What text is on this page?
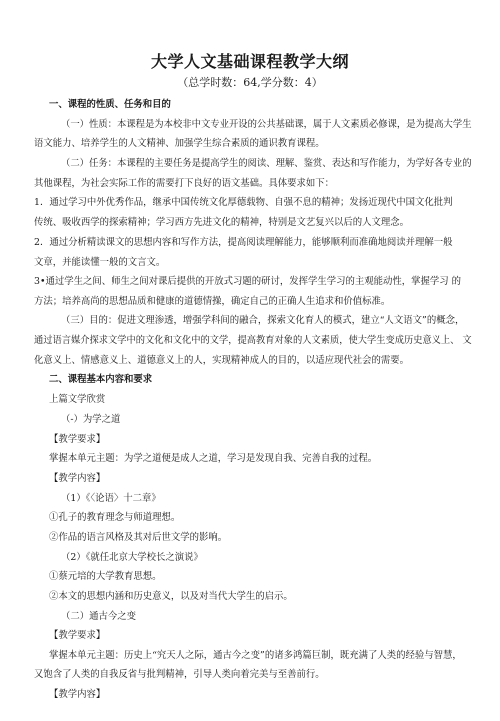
大学人文基础课程教学大纲
（总学时数：64,学分数：4）
一、课程的性质、任务和目的
（一）性质：本课程是为本校非中文专业开设的公共基础课，属于人文素质必修课，是为提高大学生
语文能力、培养学生的人文精神、加强学生综合素质的通识教育课程。
（二）任务：本课程的主要任务是提高学生的阅读、理解、鉴赏、表达和写作能力，为学好各专业的
其他课程，为社会实际工作的需要打下良好的语文基础。具体要求如下：
1．通过学习中外优秀作品，继承中国传统文化厚德载物、自强不息的精神；发扬近现代中国文化批判
传统、吸收西学的探索精神；学习西方先进文化的精神，特别是文艺复兴以后的人文理念。
2．通过分析精读课文的思想内容和写作方法，提高阅读理解能力，能够顺利而准确地阅读并理解一般
文章，并能读懂一般的文言文。
3•通过学生之间、师生之间对课后提供的开放式习题的研讨，发挥学生学习的主观能动性，掌握学习 的
方法；培养高尚的思想品质和健康的道德情操，确定自己的正确人生追求和价值标准。
（三）目的：促进文理渗透，增强学科间的融合，探索文化育人的模式，建立“人文语文”的概念，
通过语言媒介探求文学中的文化和文化中的文学，提高教育对象的人文素质，使大学生变成历史意义上、 文
化意义上、情感意义上、道德意义上的人，实现精神成人的目的，以适应现代社会的需要。
二、课程基本内容和要求
上篇文学欣赏
（-）为学之道
【教学要求】
掌握本单元主题：为学之道便是成人之道，学习是发现自我、完善自我的过程。
【教学内容】
（1）《〈论语〉十二章》
①孔子的教育理念与师道理想。
②作品的语言风格及其对后世文学的影响。
（2）《就任北京大学校长之演说》
①蔡元培的大学教育思想。
②本文的思想内涵和历史意义，以及对当代大学生的启示。
（二）通古今之变
【教学要求】
掌握本单元主题：历史上“究天人之际，通古今之变”的诸多鸿篇巨制，既充满了人类的经验与智慧，
又饱含了人类的自我反省与批判精神，引导人类向着完美与至善前行。
【教学内容】
